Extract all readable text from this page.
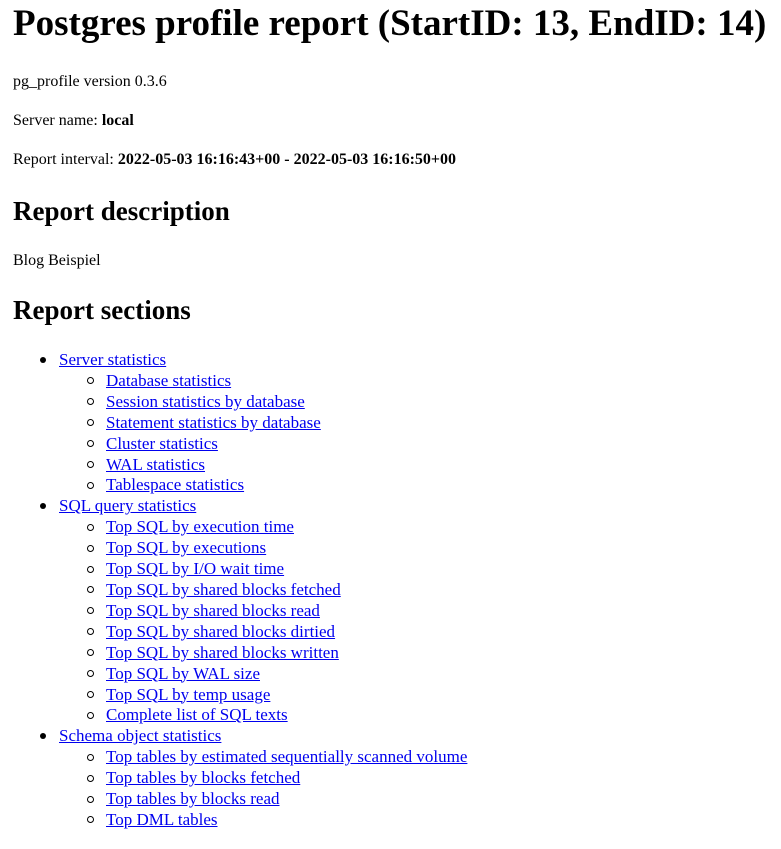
Postgres profile report (StartID: 13, EndID: 14)

pg_profile version 0.3.6

Server name: local

Report interval: 2022-05-03 16:16:43+00 - 2022-05-03 16:16:50+00

Report description

Blog Beispiel

Report sections
Server statistics
Database statistics
Session statistics by database
Statement statistics by database
Cluster statistics
WAL statistics
Tablespace statistics
SQL query statistics
Top SQL by execution time
Top SQL by executions
Top SQL by I/O wait time
Top SQL by shared blocks fetched
Top SQL by shared blocks read
Top SQL by shared blocks dirtied
Top SQL by shared blocks written
Top SQL by WAL size
Top SQL by temp usage
Complete list of SQL texts
Schema object statistics
Top tables by estimated sequentially scanned volume
Top tables by blocks fetched
Top tables by blocks read
Top DML tables
